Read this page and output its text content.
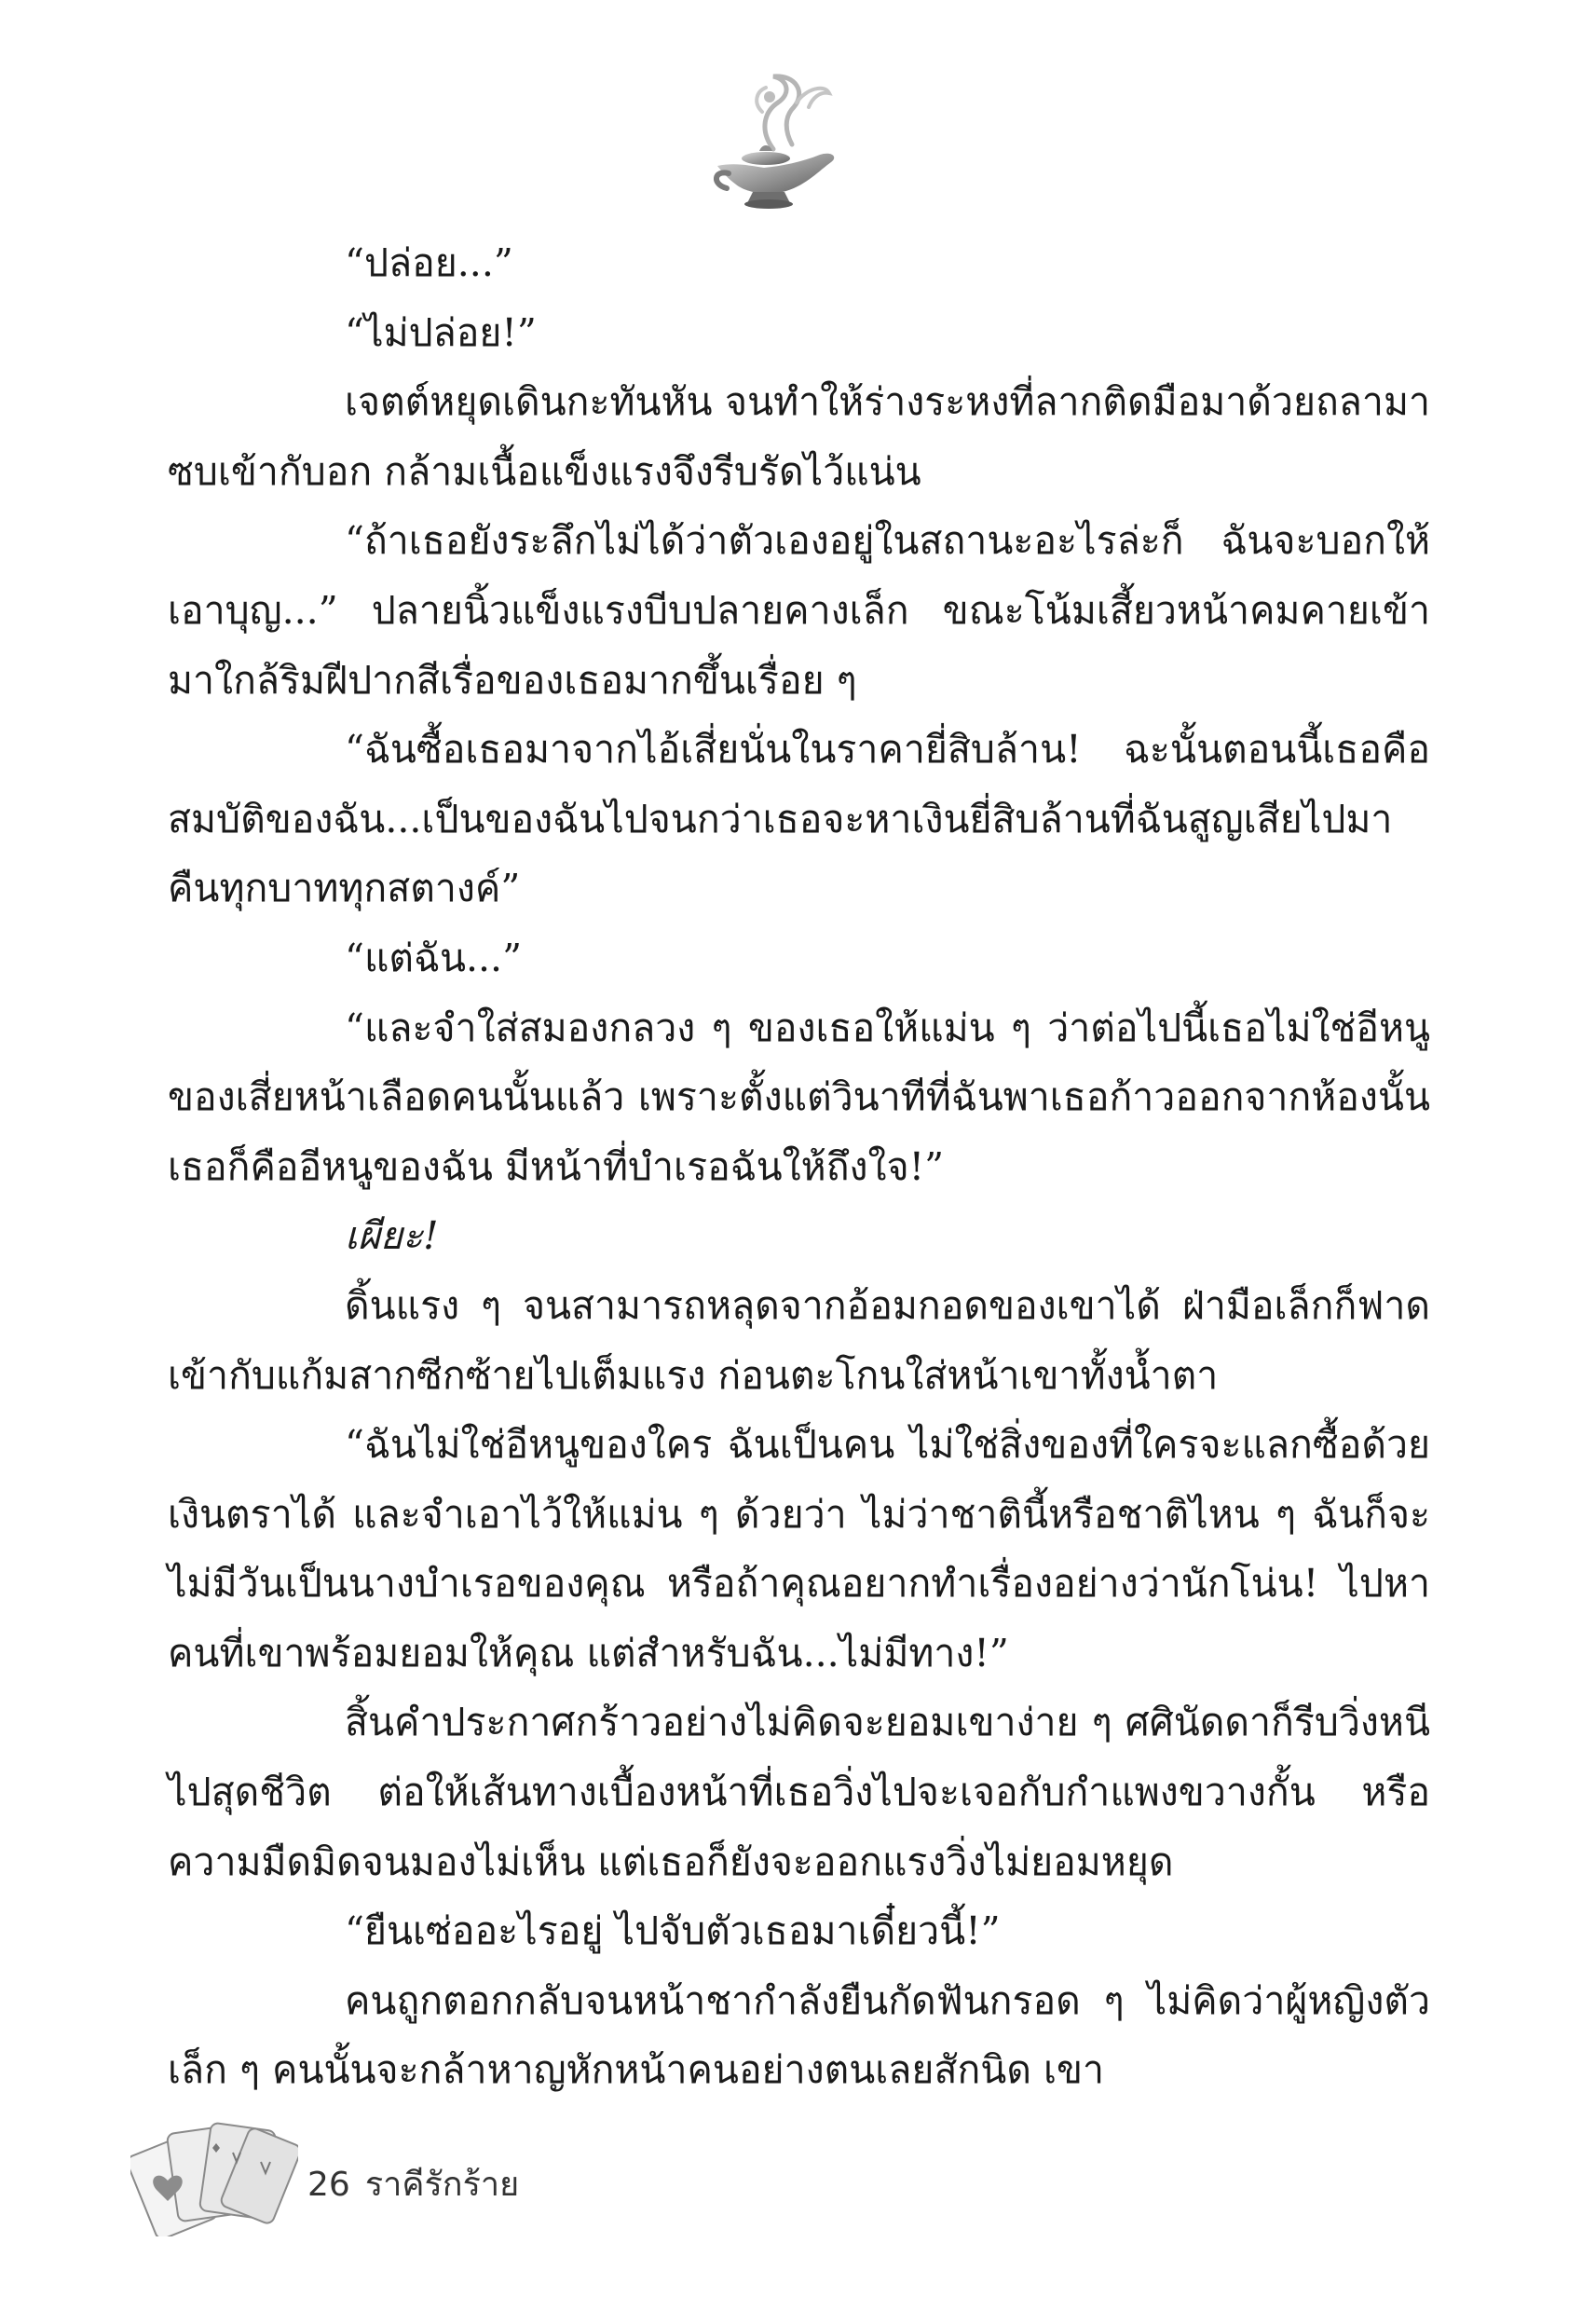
“ปล่อย...”

“ไม่ปล่อย!”

เจตต์หยุดเดินกะทันหัน จนทำให้ร่างระหงที่ลากติดมือมาด้วยถลามาซบเข้ากับอก กล้ามเนื้อแข็งแรงจึงรีบรัดไว้แน่น

“ถ้าเธอยังระลึกไม่ได้ว่าตัวเองอยู่ในสถานะอะไรล่ะก็ ฉันจะบอกให้เอาบุญ...” ปลายนิ้วแข็งแรงบีบปลายคางเล็ก ขณะโน้มเสี้ยวหน้าคมคายเข้ามาใกล้ริมฝีปากสีเรื่อของเธอมากขึ้นเรื่อย ๆ

“ฉันซื้อเธอมาจากไอ้เสี่ยนั่นในราคายี่สิบล้าน! ฉะนั้นตอนนี้เธอคือสมบัติของฉัน...เป็นของฉันไปจนกว่าเธอจะหาเงินยี่สิบล้านที่ฉันสูญเสียไปมาคืนทุกบาททุกสตางค์”

“แต่ฉัน...”

“และจำใส่สมองกลวง ๆ ของเธอให้แม่น ๆ ว่าต่อไปนี้เธอไม่ใช่อีหนูของเสี่ยหน้าเลือดคนนั้นแล้ว เพราะตั้งแต่วินาทีที่ฉันพาเธอก้าวออกจากห้องนั้น เธอก็คืออีหนูของฉัน มีหน้าที่บำเรอฉันให้ถึงใจ!”

เผียะ!

ดิ้นแรง ๆ จนสามารถหลุดจากอ้อมกอดของเขาได้ ฝ่ามือเล็กก็ฟาดเข้ากับแก้มสากซีกซ้ายไปเต็มแรง ก่อนตะโกนใส่หน้าเขาทั้งน้ำตา

“ฉันไม่ใช่อีหนูของใคร ฉันเป็นคน ไม่ใช่สิ่งของที่ใครจะแลกซื้อด้วยเงินตราได้ และจำเอาไว้ให้แม่น ๆ ด้วยว่า ไม่ว่าชาตินี้หรือชาติไหน ๆ ฉันก็จะไม่มีวันเป็นนางบำเรอของคุณ หรือถ้าคุณอยากทำเรื่องอย่างว่านักโน่น! ไปหาคนที่เขาพร้อมยอมให้คุณ แต่สำหรับฉัน...ไม่มีทาง!”

สิ้นคำประกาศกร้าวอย่างไม่คิดจะยอมเขาง่าย ๆ ศศินัดดาก็รีบวิ่งหนีไปสุดชีวิต ต่อให้เส้นทางเบื้องหน้าที่เธอวิ่งไปจะเจอกับกำแพงขวางกั้น หรือความมืดมิดจนมองไม่เห็น แต่เธอก็ยังจะออกแรงวิ่งไม่ยอมหยุด

“ยืนเซ่ออะไรอยู่ ไปจับตัวเธอมาเดี๋ยวนี้!”

คนถูกตอกกลับจนหน้าชากำลังยืนกัดฟันกรอด ๆ ไม่คิดว่าผู้หญิงตัวเล็ก ๆ คนนั้นจะกล้าหาญหักหน้าคนอย่างตนเลยสักนิด เขา

26 ราคีรักร้าย
